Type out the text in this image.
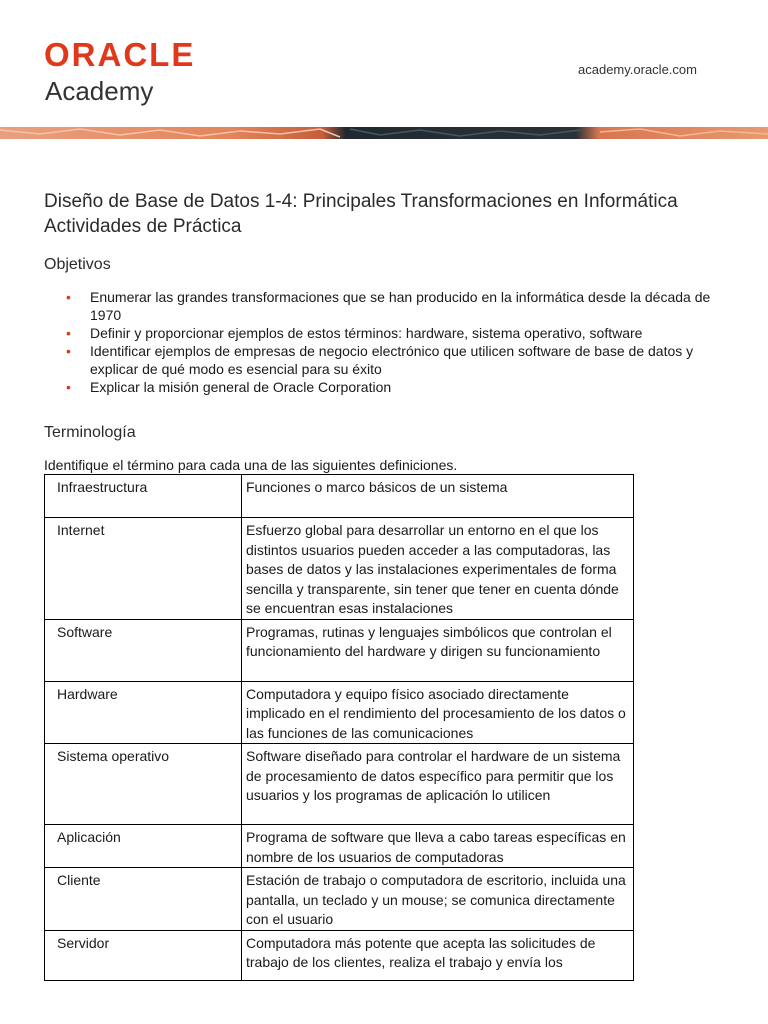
ORACLE
Academy
academy.oracle.com
Diseño de Base de Datos 1-4: Principales Transformaciones en Informática
Actividades de Práctica
Objetivos
• Enumerar las grandes transformaciones que se han producido en la informática desde la década de 1970
• Definir y proporcionar ejemplos de estos términos: hardware, sistema operativo, software
• Identificar ejemplos de empresas de negocio electrónico que utilicen software de base de datos y explicar de qué modo es esencial para su éxito
• Explicar la misión general de Oracle Corporation
Terminología

Identifique el término para cada una de las siguientes definiciones.

Infraestructura	Funciones o marco básicos de un sistema
Internet	Esfuerzo global para desarrollar un entorno en el que los distintos usuarios pueden acceder a las computadoras, las bases de datos y las instalaciones experimentales de forma sencilla y transparente, sin tener que tener en cuenta dónde se encuentran esas instalaciones
Software	Programas, rutinas y lenguajes simbólicos que controlan el funcionamiento del hardware y dirigen su funcionamiento
Hardware	Computadora y equipo físico asociado directamente implicado en el rendimiento del procesamiento de los datos o las funciones de las comunicaciones
Sistema operativo	Software diseñado para controlar el hardware de un sistema de procesamiento de datos específico para permitir que los usuarios y los programas de aplicación lo utilicen
Aplicación	Programa de software que lleva a cabo tareas específicas en nombre de los usuarios de computadoras
Cliente	Estación de trabajo o computadora de escritorio, incluida una pantalla, un teclado y un mouse; se comunica directamente con el usuario
Servidor	Computadora más potente que acepta las solicitudes de trabajo de los clientes, realiza el trabajo y envía los
